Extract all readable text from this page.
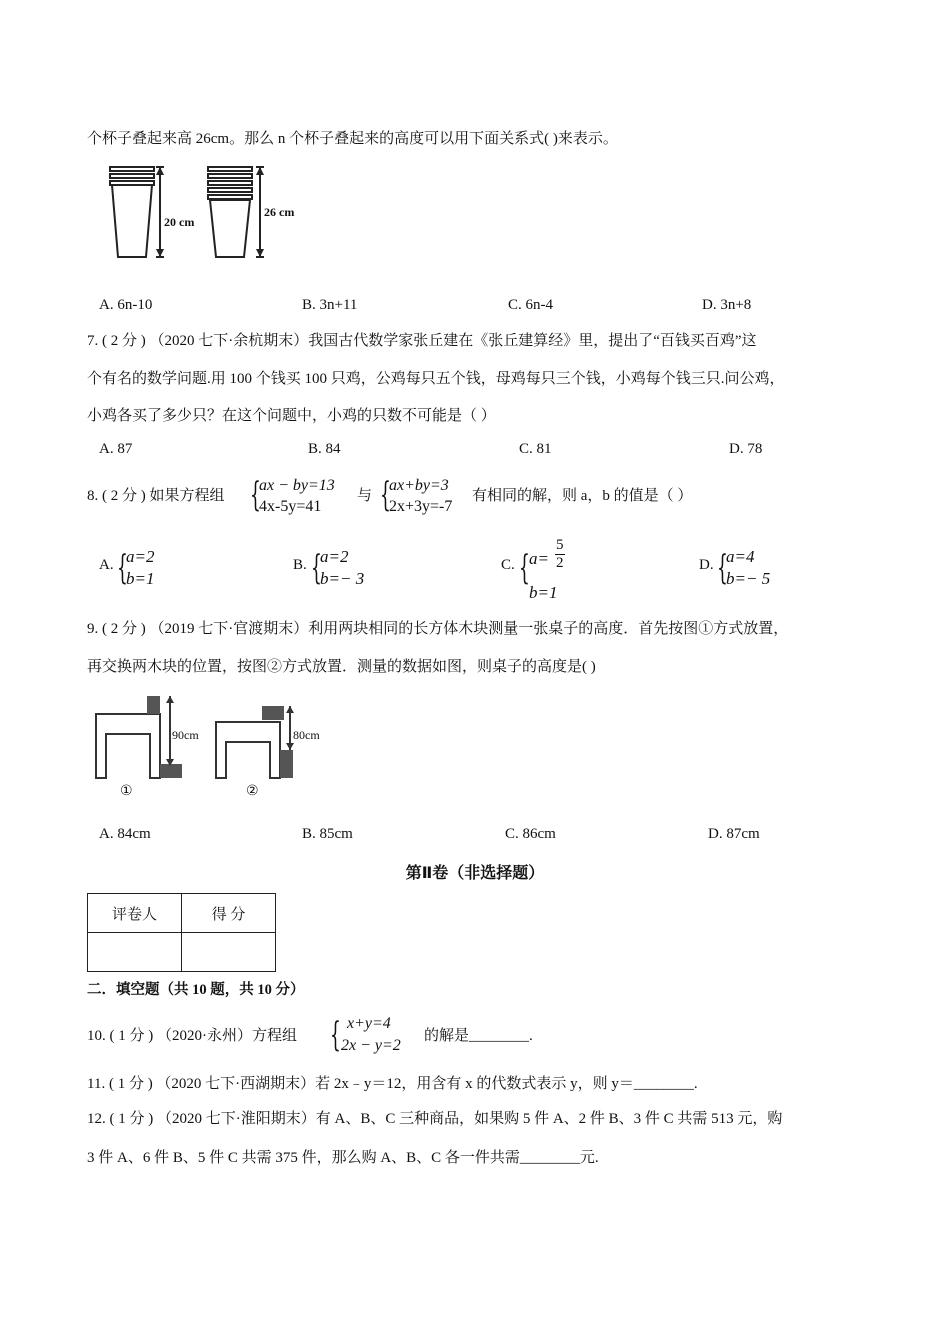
个杯子叠起来高 26cm。那么 n 个杯子叠起来的高度可以用下面关系式( )来表示。
20 cm
26 cm
A. 6n-10	B. 3n+11	C. 6n-4	D. 3n+8
7. ( 2 分 ) （2020 七下·余杭期末）我国古代数学家张丘建在《张丘建算经》里，提出了“百钱买百鸡”这
个有名的数学问题.用 100 个钱买 100 只鸡，公鸡每只五个钱，母鸡每只三个钱，小鸡每个钱三只.问公鸡，
小鸡各买了多少只？在这个问题中，小鸡的只数不可能是（ ）
A. 87	B. 84	C. 81	D. 78
8. ( 2 分 ) 如果方程组 {
ax − by=13
4x-5y=41
与 {
ax+by=3
2x+3y=-7
有相同的解，则 a，b 的值是（ ）
A. {
a=2
b=1
B. {
a=2
b=− 3
C. { $a= \frac{5}{2}$
b=1
D. {
a=4
b=− 5
9. ( 2 分 ) （2019 七下·官渡期末）利用两块相同的长方体木块测量一张桌子的高度．首先按图①方式放置，
再交换两木块的位置，按图②方式放置．测量的数据如图，则桌子的高度是( )
90cm	80cm
①	②
A. 84cm	B. 85cm	C. 86cm	D. 87cm
第Ⅱ卷（非选择题）
评卷人	得 分

二．填空题（共 10 题，共 10 分）
10. ( 1 分 ) （2020·永州）方程组 { x+y=4
2x − y=2
的解是________.
11. ( 1 分 ) （2020 七下·西湖期末）若 2x﹣y＝12，用含有 x 的代数式表示 y，则 y＝________.
12. ( 1 分 ) （2020 七下·淮阳期末）有 A、B、C 三种商品，如果购 5 件 A、2 件 B、3 件 C 共需 513 元，购
3 件 A、6 件 B、5 件 C 共需 375 件，那么购 A、B、C 各一件共需________元.
